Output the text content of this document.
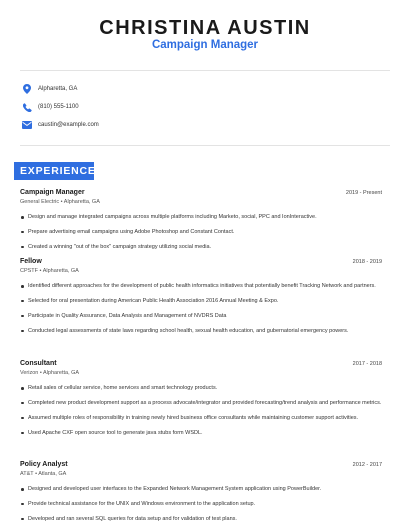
CHRISTINA AUSTIN
Campaign Manager
Alpharetta, GA
(810) 555-1100
caustin@example.com
EXPERIENCE
Campaign Manager	2019 - Present
General Electric • Alpharetta, GA
Design and manage integrated campaigns across multiple platforms including Marketo, social, PPC and IonInteractive.
Prepare advertising email campaigns using Adobe Photoshop and Constant Contact.
Created a winning "out of the box" campaign strategy utilizing social media.
Fellow	2018 - 2019
CPSTF • Alpharetta, GA
Identified different approaches for the development of public health informatics initiatives that potentially benefit Tracking Network and partners.
Selected for oral presentation during American Public Health Association 2016 Annual Meeting & Expo.
Participate in Quality Assurance, Data Analysis and Management of NVDRS Data
Conducted legal assessments of state laws regarding school health, sexual health education, and gubernatorial emergency powers.
Consultant	2017 - 2018
Verizon • Alpharetta, GA
Retail sales of cellular service, home services and smart technology products.
Completed new product development support as a process advocate/integrator and provided forecasting/trend analysis and performance metrics.
Assumed multiple roles of responsibility in training newly hired business office consultants while maintaining customer support activities.
Used Apache CXF open source tool to generate java stubs form WSDL.
Policy Analyst	2012 - 2017
AT&T • Atlanta, GA
Designed and developed user interfaces to the Expanded Network Management System application using PowerBuilder.
Provide technical assistance for the UNIX and Windows environment to the application setup.
Developed and ran several SQL queries for data setup and for validation of test plans.
